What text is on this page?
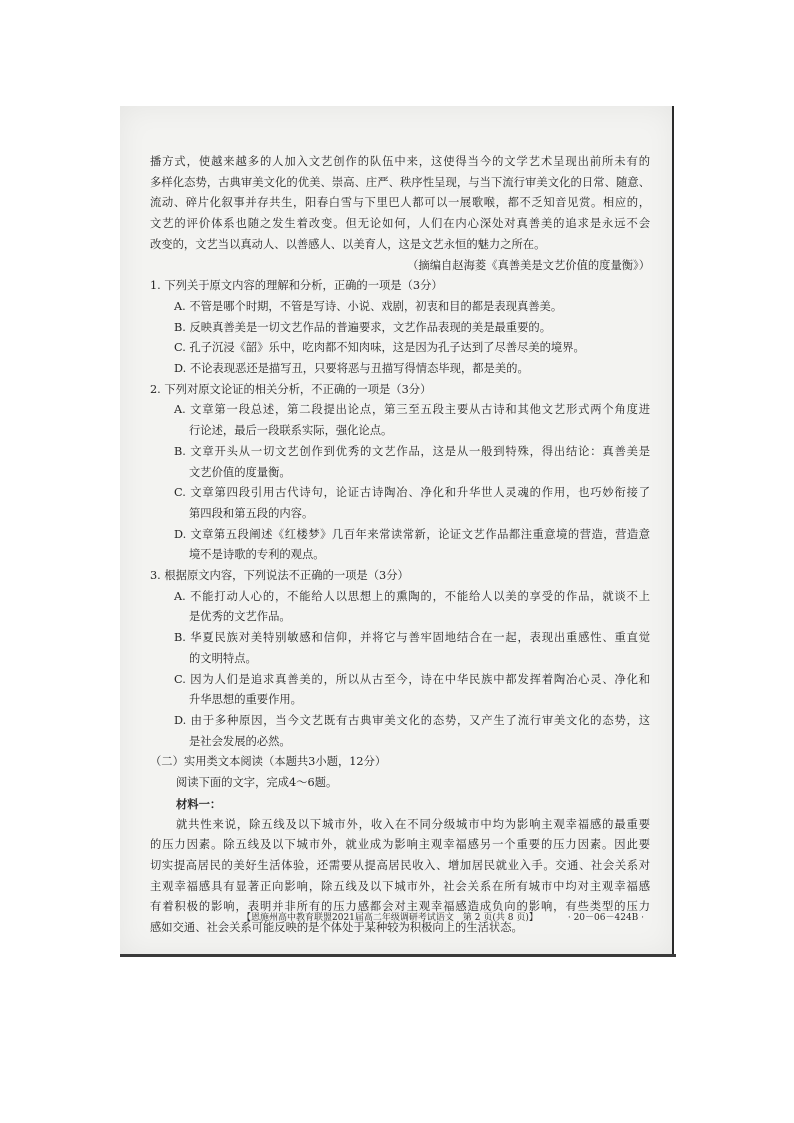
播方式，使越来越多的人加入文艺创作的队伍中来，这使得当今的文学艺术呈现出前所未有的
多样化态势，古典审美文化的优美、崇高、庄严、秩序性呈现，与当下流行审美文化的日常、随意、
流动、碎片化叙事并存共生，阳春白雪与下里巴人都可以一展歌喉，都不乏知音见赏。相应的，
文艺的评价体系也随之发生着改变。但无论如何，人们在内心深处对真善美的追求是永远不会
改变的，文艺当以真动人、以善感人、以美育人，这是文艺永恒的魅力之所在。
（摘编自赵海菱《真善美是文艺价值的度量衡》）
1. 下列关于原文内容的理解和分析，正确的一项是（3分）
A. 不管是哪个时期，不管是写诗、小说、戏剧，初衷和目的都是表现真善美。
B. 反映真善美是一切文艺作品的普遍要求，文艺作品表现的美是最重要的。
C. 孔子沉浸《韶》乐中，吃肉都不知肉味，这是因为孔子达到了尽善尽美的境界。
D. 不论表现恶还是描写丑，只要将恶与丑描写得情态毕现，都是美的。
2. 下列对原文论证的相关分析，不正确的一项是（3分）
A. 文章第一段总述，第二段提出论点，第三至五段主要从古诗和其他文艺形式两个角度进
行论述，最后一段联系实际，强化论点。
B. 文章开头从一切文艺创作到优秀的文艺作品，这是从一般到特殊，得出结论：真善美是
文艺价值的度量衡。
C. 文章第四段引用古代诗句，论证古诗陶冶、净化和升华世人灵魂的作用，也巧妙衔接了
第四段和第五段的内容。
D. 文章第五段阐述《红楼梦》几百年来常读常新，论证文艺作品都注重意境的营造，营造意
境不是诗歌的专利的观点。
3. 根据原文内容，下列说法不正确的一项是（3分）
A. 不能打动人心的，不能给人以思想上的熏陶的，不能给人以美的享受的作品，就谈不上
是优秀的文艺作品。
B. 华夏民族对美特别敏感和信仰，并将它与善牢固地结合在一起，表现出重感性、重直觉
的文明特点。
C. 因为人们是追求真善美的，所以从古至今，诗在中华民族中都发挥着陶冶心灵、净化和
升华思想的重要作用。
D. 由于多种原因，当今文艺既有古典审美文化的态势，又产生了流行审美文化的态势，这
是社会发展的必然。
（二）实用类文本阅读（本题共3小题，12分）
阅读下面的文字，完成4～6题。
材料一：
就共性来说，除五线及以下城市外，收入在不同分级城市中均为影响主观幸福感的最重要
的压力因素。除五线及以下城市外，就业成为影响主观幸福感另一个重要的压力因素。因此要
切实提高居民的美好生活体验，还需要从提高居民收入、增加居民就业入手。交通、社会关系对
主观幸福感具有显著正向影响，除五线及以下城市外，社会关系在所有城市中均对主观幸福感
有着积极的影响，表明并非所有的压力感都会对主观幸福感造成负向的影响，有些类型的压力
感如交通、社会关系可能反映的是个体处于某种较为积极向上的生活状态。
【恩施州高中教育联盟2021届高二年级调研考试语文　第 2 页(共 8 页)】	· 20－06－424B ·
